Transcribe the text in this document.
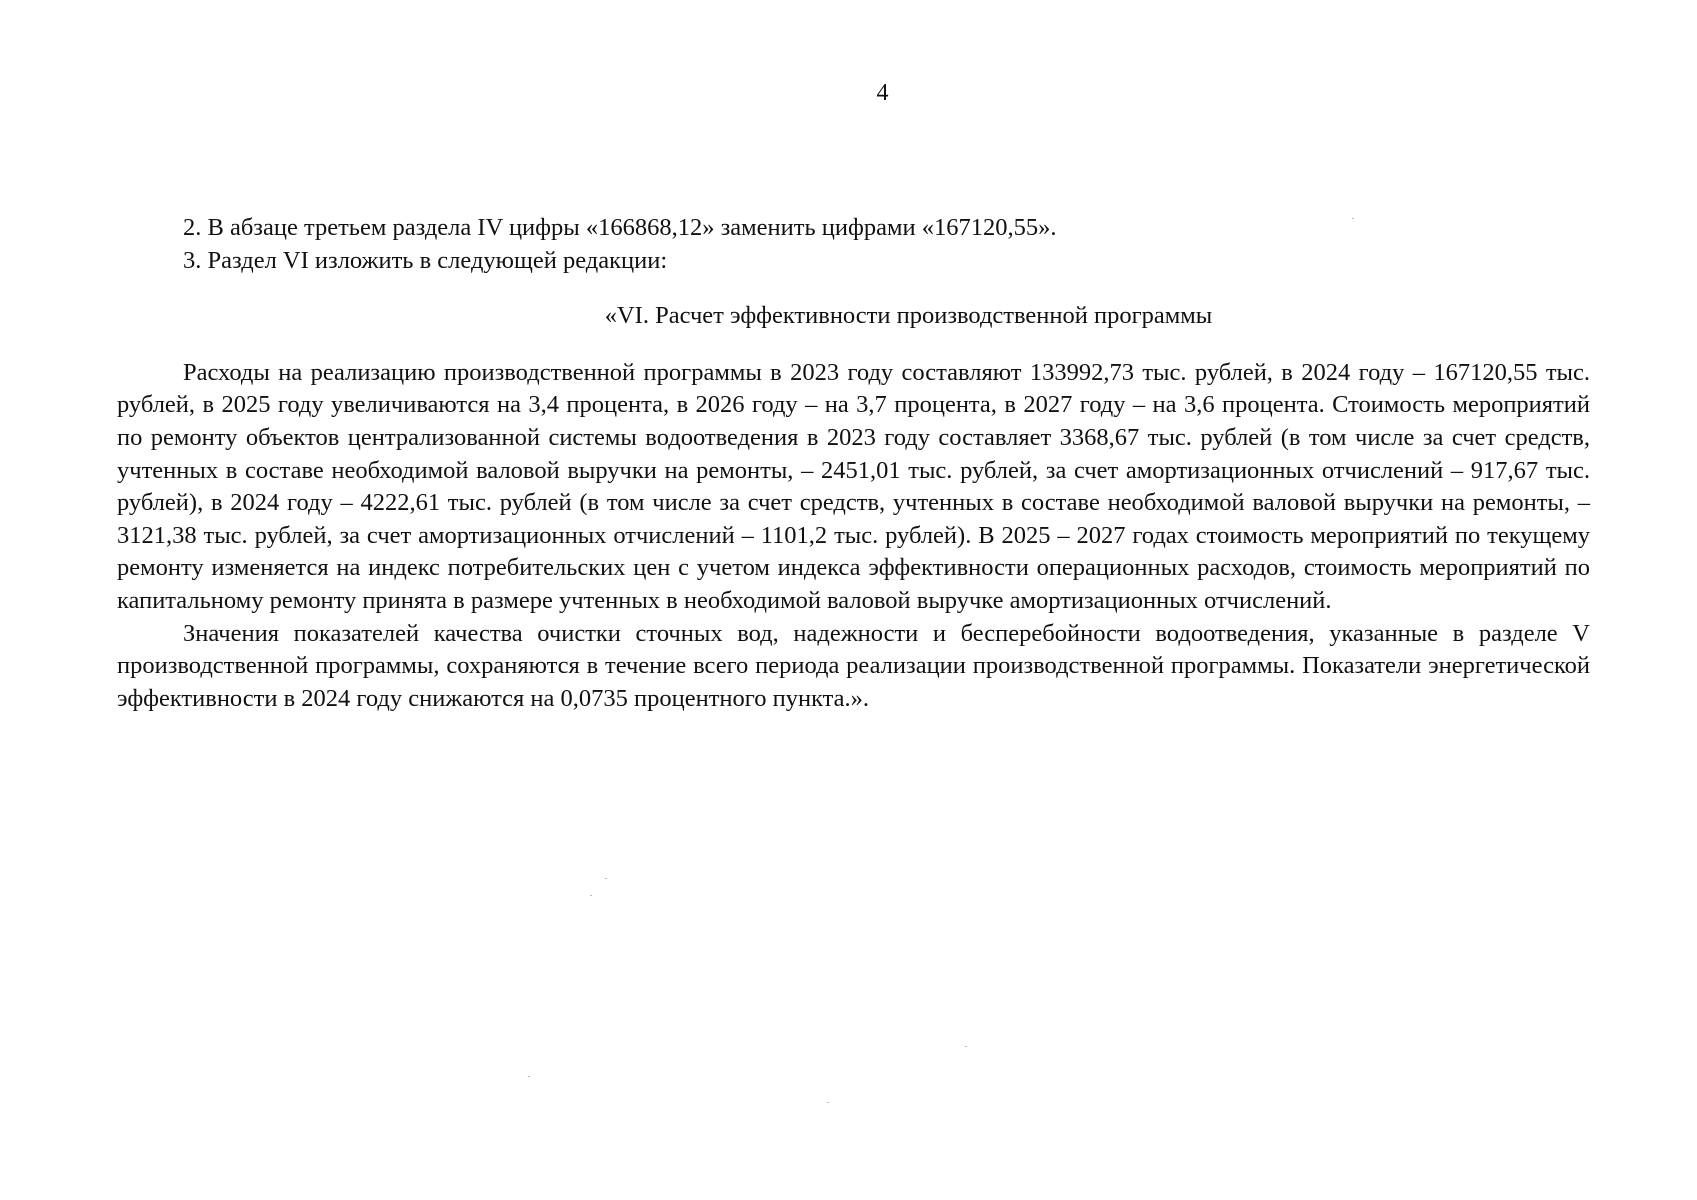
4

2. В абзаце третьем раздела IV цифры «166868,12» заменить цифрами «167120,55».

3. Раздел VI изложить в следующей редакции:

«VI. Расчет эффективности производственной программы

Расходы на реализацию производственной программы в 2023 году составляют 133992,73 тыс. рублей, в 2024 году – 167120,55 тыс. рублей, в 2025 году увеличиваются на 3,4 процента, в 2026 году – на 3,7 процента, в 2027 году – на 3,6 процента. Стоимость мероприятий по ремонту объектов централизованной системы водоотведения в 2023 году составляет 3368,67 тыс. рублей (в том числе за счет средств, учтенных в составе необходимой валовой выручки на ремонты, – 2451,01 тыс. рублей, за счет амортизационных отчислений – 917,67 тыс. рублей), в 2024 году – 4222,61 тыс. рублей (в том числе за счет средств, учтенных в составе необходимой валовой выручки на ремонты, – 3121,38 тыс. рублей, за счет амортизационных отчислений – 1101,2 тыс. рублей). В 2025 – 2027 годах стоимость мероприятий по текущему ремонту изменяется на индекс потребительских цен с учетом индекса эффективности операционных расходов, стоимость мероприятий по капитальному ремонту принята в размере учтенных в необходимой валовой выручке амортизационных отчислений.

Значения показателей качества очистки сточных вод, надежности и бесперебойности водоотведения, указанные в разделе V производственной программы, сохраняются в течение всего периода реализации производственной программы. Показатели энергетической эффективности в 2024 году снижаются на 0,0735 процентного пункта.».
